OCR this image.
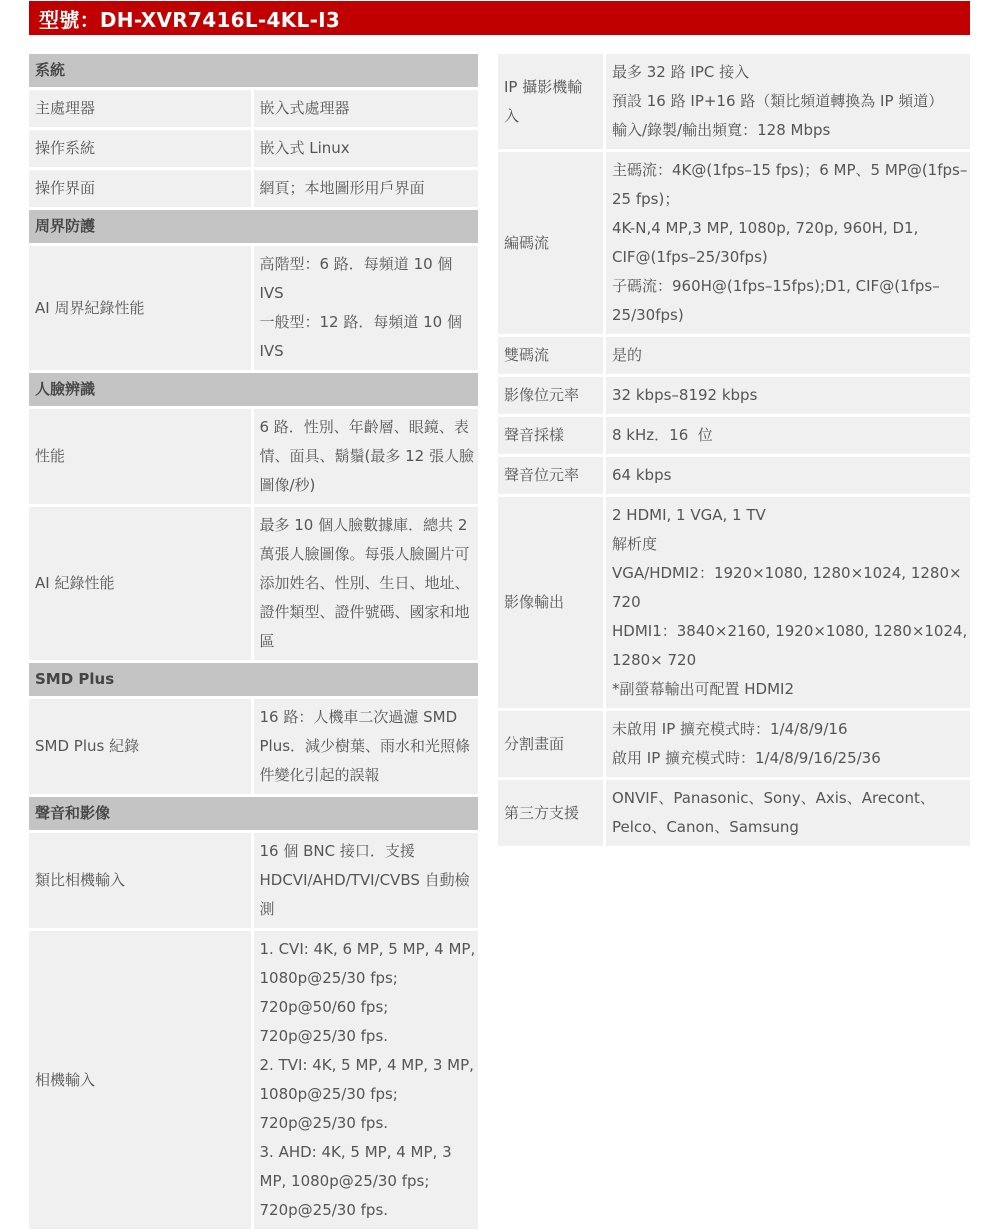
型號：DH-XVR7416L-4KL-I3
系統	
主處理器	嵌入式處理器

操作系統	嵌入式 Linux

操作界面	網頁；本地圖形用戶界面

周界防護	
AI 周界紀錄性能	高階型：6 路．每頻道 10 個 IVS
一般型：12 路．每頻道 10 個 IVS

人臉辨識	
性能	6 路．性別、年齡層、眼鏡、表情、面具、鬍鬚(最多 12 張人臉圖像/秒)

AI 紀錄性能	最多 10 個人臉數據庫．總共 2 萬張人臉圖像。每張人臉圖片可添加姓名、性別、生日、地址、證件類型、證件號碼、國家和地區

SMD Plus	
SMD Plus 紀錄	16 路：人機車二次過濾 SMD Plus．減少樹葉、雨水和光照條件變化引起的誤報

聲音和影像	
類比相機輸入	16 個 BNC 接口．支援
HDCVI/AHD/TVI/CVBS 自動檢測

相機輸入	1. CVI: 4K, 6 MP, 5 MP, 4 MP, 1080p@25/30 fps; 720p@50/60 fps; 720p@25/30 fps.
2. TVI: 4K, 5 MP, 4 MP, 3 MP, 1080p@25/30 fps; 720p@25/30 fps.
3. AHD: 4K, 5 MP, 4 MP, 3 MP, 1080p@25/30 fps; 720p@25/30 fps.
IP 攝影機輸入	最多 32 路 IPC 接入
預設 16 路 IP+16 路（類比頻道轉換為 IP 頻道）
輸入/錄製/輸出頻寬：128 Mbps

編碼流	主碼流：4K@(1fps–15 fps)；6 MP、5 MP@(1fps–25 fps)；
4K-N,4 MP,3 MP, 1080p, 720p, 960H, D1, CIF@(1fps–25/30fps)
子碼流：960H@(1fps–15fps);D1, CIF@(1fps–25/30fps)

雙碼流	是的

影像位元率	32 kbps–8192 kbps

聲音採樣	8 kHz．16  位

聲音位元率	64 kbps

影像輸出	2 HDMI, 1 VGA, 1 TV
解析度
VGA/HDMI2：1920×1080, 1280×1024, 1280× 720
HDMI1：3840×2160, 1920×1080, 1280×1024, 1280× 720
*副螢幕輸出可配置 HDMI2

分割畫面	未啟用 IP 擴充模式時：1/4/8/9/16
啟用 IP 擴充模式時：1/4/8/9/16/25/36

第三方支援	ONVIF、Panasonic、Sony、Axis、Arecont、Pelco、Canon、Samsung
